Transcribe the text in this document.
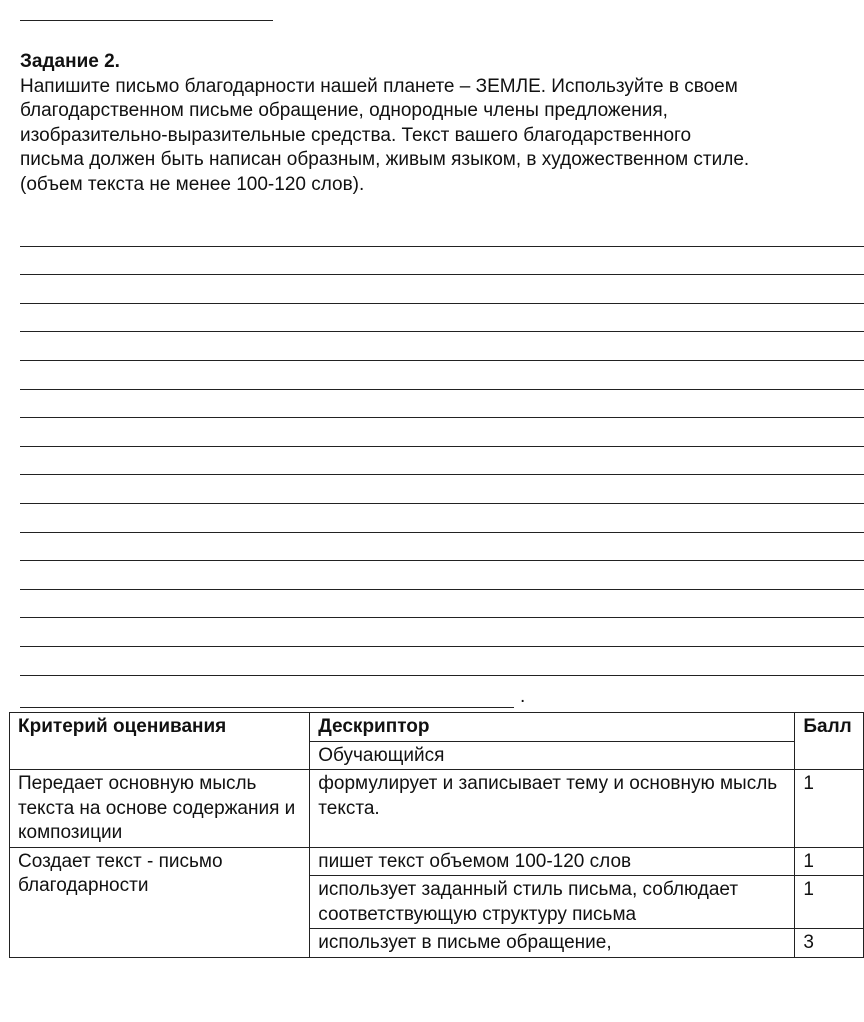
Задание 2.

Напишите письмо благодарности нашей планете – ЗЕМЛЕ. Используйте в своем
благодарственном письме обращение, однородные члены предложения,
изобразительно-выразительные средства. Текст вашего благодарственного
письма должен быть написан образным, живым языком, в художественном стиле.
(объем текста не менее 100-120 слов).

.
Критерий оценивания	Дескриптор	Балл
	Обучающийся	
Передает основную мысль текста на основе содержания и композиции	формулирует и записывает тему и основную мысль текста.	1
Создает текст - письмо благодарности	пишет текст объемом 100-120 слов	1
	использует заданный стиль письма, соблюдает соответствующую структуру письма	1
	использует в письме обращение,	3
